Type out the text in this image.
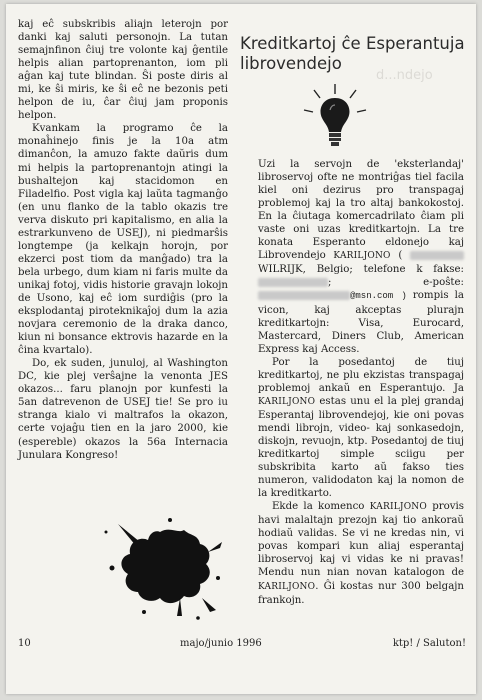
kaj eĉ subskribis aliajn leterojn por danki kaj saluti personojn. La tutan semajnfinon ĉiuj tre volonte kaj ĝentile helpis alian partoprenanton, iom pli aĝan kaj tute blindan. Ŝi poste diris al mi, ke ŝi miris, ke ŝi eĉ ne bezonis peti helpon de iu, ĉar ĉiuj jam proponis helpon.

Kvankam la programo ĉe la monaĥinejo finis je la 10a atm dimanĉon, la amuzo fakte daŭris dum mi helpis la partoprenantojn atingi la bushaltejon kaj stacidomon en Filadelfio. Post vigla kaj laŭta tagmanĝo (en unu flanko de la tablo okazis tre verva diskuto pri kapitalismo, en alia la estrarkunveno de USEJ), ni piedmarŝis longtempe (ja kelkajn horojn, por ekzerci post tiom da manĝado) tra la bela urbego, dum kiam ni faris multe da unikaj fotoj, vidis historie gravajn lokojn de Usono, kaj eĉ iom surdiĝis (pro la eksplodantaj piroteknikaĵoj dum la azia novjara ceremonio de la draka danco, kiun ni bonsance ektrovis hazarde en la ĉina kvartalo).

Do, ek suden, junuloj, al Washington DC, kie plej verŝajne la venonta JES okazos... faru planojn por kunfesti la 5an datrevenon de USEJ tie! Se pro iu stranga kialo vi maltrafos la okazon, certe vojaĝu tien en la jaro 2000, kie (espereble) okazos la 56a Internacia Junulara Kongreso!

Kreditkartoj ĉe Esperantuja librovendejo
d...ndejo

Uzi la servojn de 'eksterlandaj' libroservoj ofte ne montriĝas tiel facila kiel oni dezirus pro transpagaj problemoj kaj la tro altaj bankokostoj. En la ĉiutaga komercadrilato ĉiam pli vaste oni uzas kreditkartojn. La tre konata Esperanto eldonejo kaj Librovendejo KARILJONO (  WILRIJK, Belgio; telefone k fakse: ; e-poŝte: @msn.com ) rompis la vicon, kaj akceptas plurajn kreditkartojn: Visa, Eurocard, Mastercard, Diners Club, American Express kaj Access.

Por la posedantoj de tiuj kreditkartoj, ne plu ekzistas transpagaj problemoj ankaŭ en Esperantujo. Ja KARILJONO estas unu el la plej grandaj Esperantaj librovendejoj, kie oni povas mendi librojn, video- kaj sonkasedojn, diskojn, revuojn, ktp. Posedantoj de tiuj kreditkartoj simple sciigu per subskribita karto aŭ fakso ties numeron, validodaton kaj la nomon de la kreditkarto.

Ekde la komenco KARILJONO provis havi malaltajn prezojn kaj tio ankoraŭ hodiaŭ validas. Se vi ne kredas nin, vi povas kompari kun aliaj esperantaj libroservoj kaj vi vidas ke ni pravas! Mendu nun nian novan katalogon de KARILJONO. Ĝi kostas nur 300 belgajn frankojn.

10	majo/junio 1996	ktp! / Saluton!
